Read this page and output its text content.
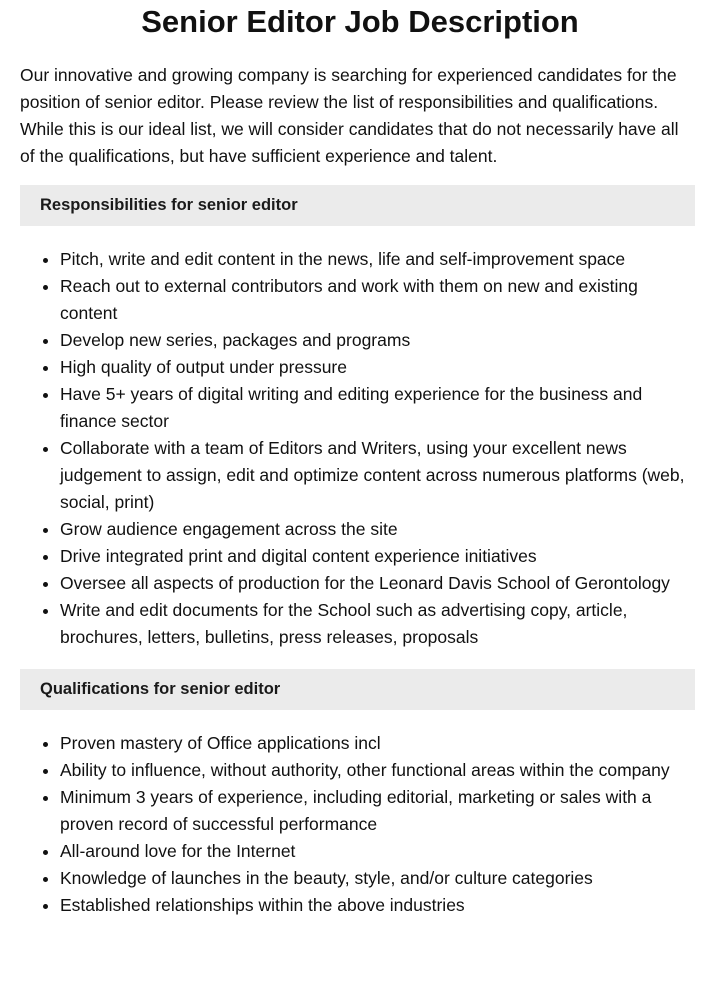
Senior Editor Job Description

Our innovative and growing company is searching for experienced candidates for the position of senior editor. Please review the list of responsibilities and qualifications. While this is our ideal list, we will consider candidates that do not necessarily have all of the qualifications, but have sufficient experience and talent.

Responsibilities for senior editor
• Pitch, write and edit content in the news, life and self-improvement space
• Reach out to external contributors and work with them on new and existing content
• Develop new series, packages and programs
• High quality of output under pressure
• Have 5+ years of digital writing and editing experience for the business and finance sector
• Collaborate with a team of Editors and Writers, using your excellent news judgement to assign, edit and optimize content across numerous platforms (web, social, print)
• Grow audience engagement across the site
• Drive integrated print and digital content experience initiatives
• Oversee all aspects of production for the Leonard Davis School of Gerontology
• Write and edit documents for the School such as advertising copy, article, brochures, letters, bulletins, press releases, proposals
Qualifications for senior editor
• Proven mastery of Office applications incl
• Ability to influence, without authority, other functional areas within the company
• Minimum 3 years of experience, including editorial, marketing or sales with a proven record of successful performance
• All-around love for the Internet
• Knowledge of launches in the beauty, style, and/or culture categories
• Established relationships within the above industries
